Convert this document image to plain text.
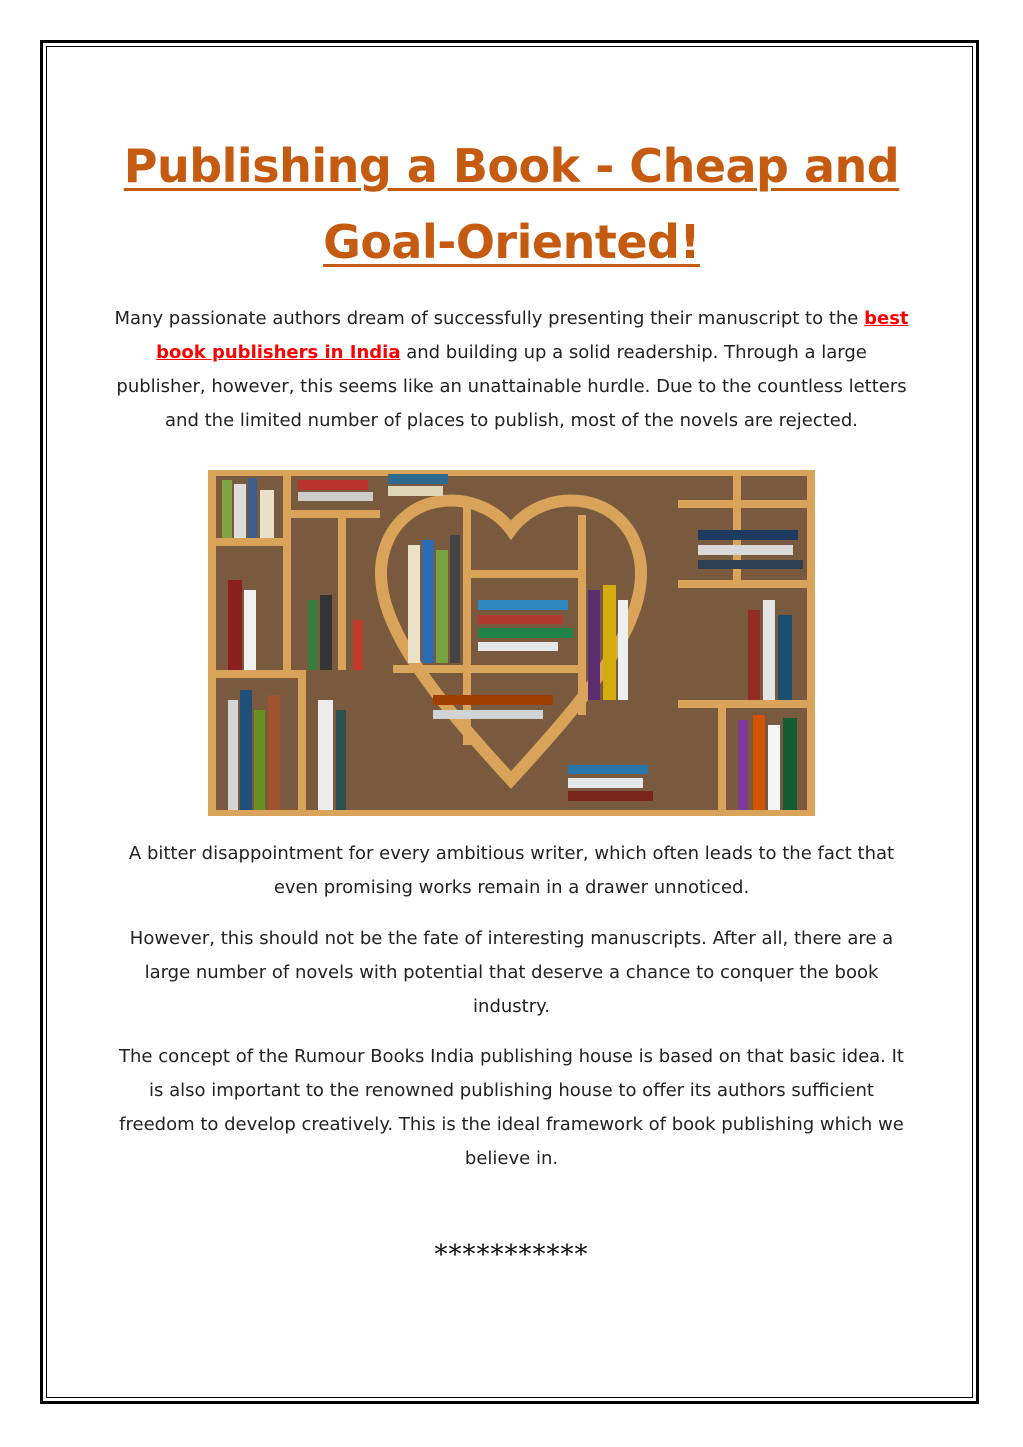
Publishing a Book - Cheap and Goal-Oriented!

Many passionate authors dream of successfully presenting their manuscript to the best book publishers in India and building up a solid readership. Through a large publisher, however, this seems like an unattainable hurdle. Due to the countless letters and the limited number of places to publish, most of the novels are rejected.

A bitter disappointment for every ambitious writer, which often leads to the fact that even promising works remain in a drawer unnoticed.

However, this should not be the fate of interesting manuscripts. After all, there are a large number of novels with potential that deserve a chance to conquer the book industry.

The concept of the Rumour Books India publishing house is based on that basic idea. It is also important to the renowned publishing house to offer its authors sufficient freedom to develop creatively. This is the ideal framework of book publishing which we believe in.

***********
